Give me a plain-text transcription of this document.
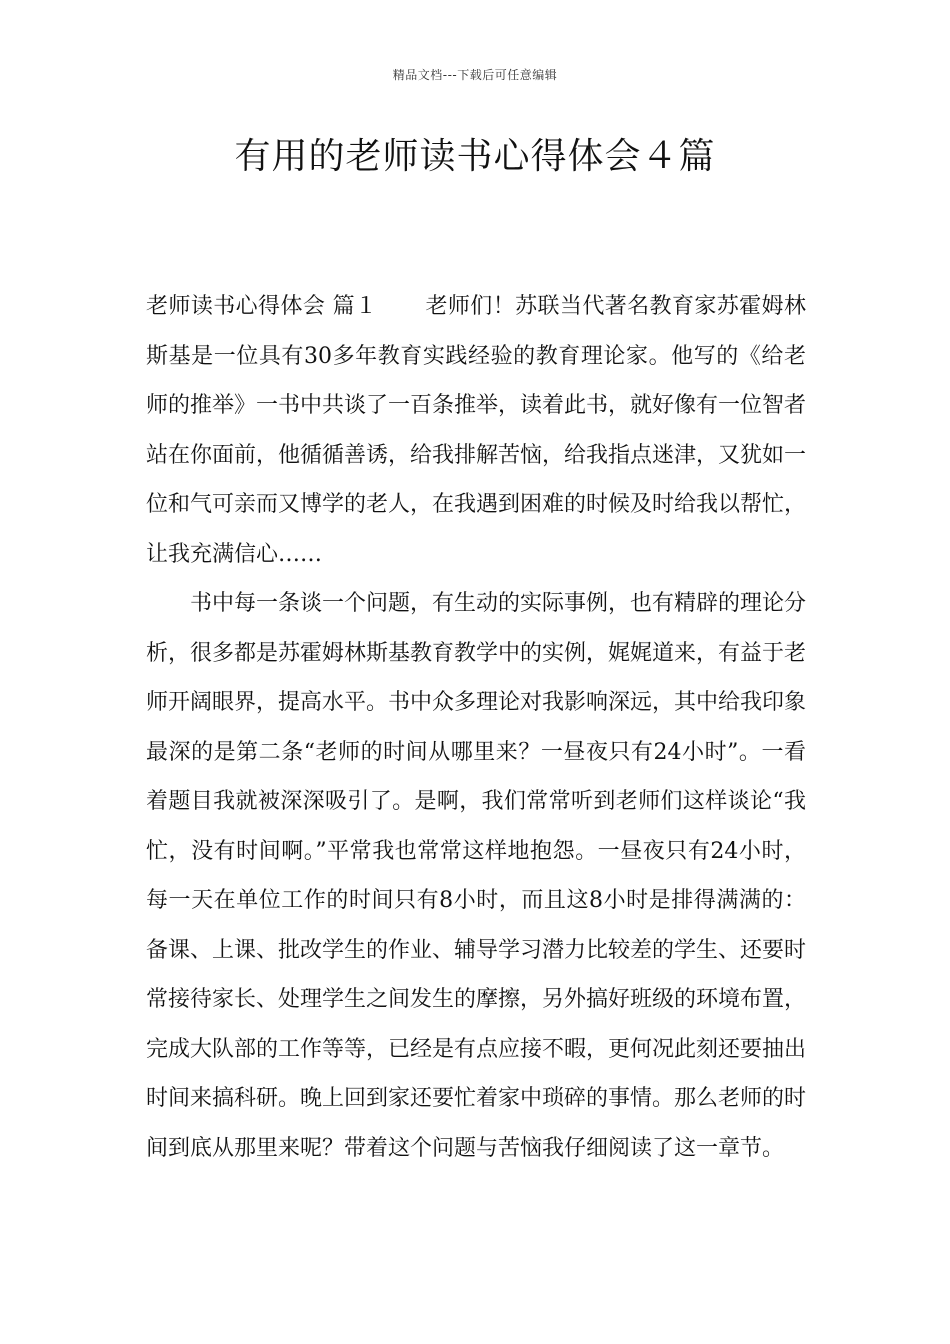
精品文档---下载后可任意编辑
有用的老师读书心得体会４篇

老师读书心得体会 篇１ 老师们！苏联当代著名教育家苏霍姆林斯基是一位具有30多年教育实践经验的教育理论家。他写的《给老师的推举》一书中共谈了一百条推举，读着此书，就好像有一位智者站在你面前，他循循善诱，给我排解苦恼，给我指点迷津，又犹如一位和气可亲而又博学的老人，在我遇到困难的时候及时给我以帮忙，让我充满信心……

书中每一条谈一个问题，有生动的实际事例，也有精辟的理论分析，很多都是苏霍姆林斯基教育教学中的实例，娓娓道来，有益于老师开阔眼界，提高水平。书中众多理论对我影响深远，其中给我印象最深的是第二条“老师的时间从哪里来？一昼夜只有24小时”。一看着题目我就被深深吸引了。是啊，我们常常听到老师们这样谈论“我忙，没有时间啊。”平常我也常常这样地抱怨。一昼夜只有24小时，每一天在单位工作的时间只有8小时，而且这8小时是排得满满的：备课、上课、批改学生的作业、辅导学习潜力比较差的学生、还要时常接待家长、处理学生之间发生的摩擦，另外搞好班级的环境布置，完成大队部的工作等等，已经是有点应接不暇，更何况此刻还要抽出时间来搞科研。晚上回到家还要忙着家中琐碎的事情。那么老师的时间到底从那里来呢？带着这个问题与苦恼我仔细阅读了这一章节。
